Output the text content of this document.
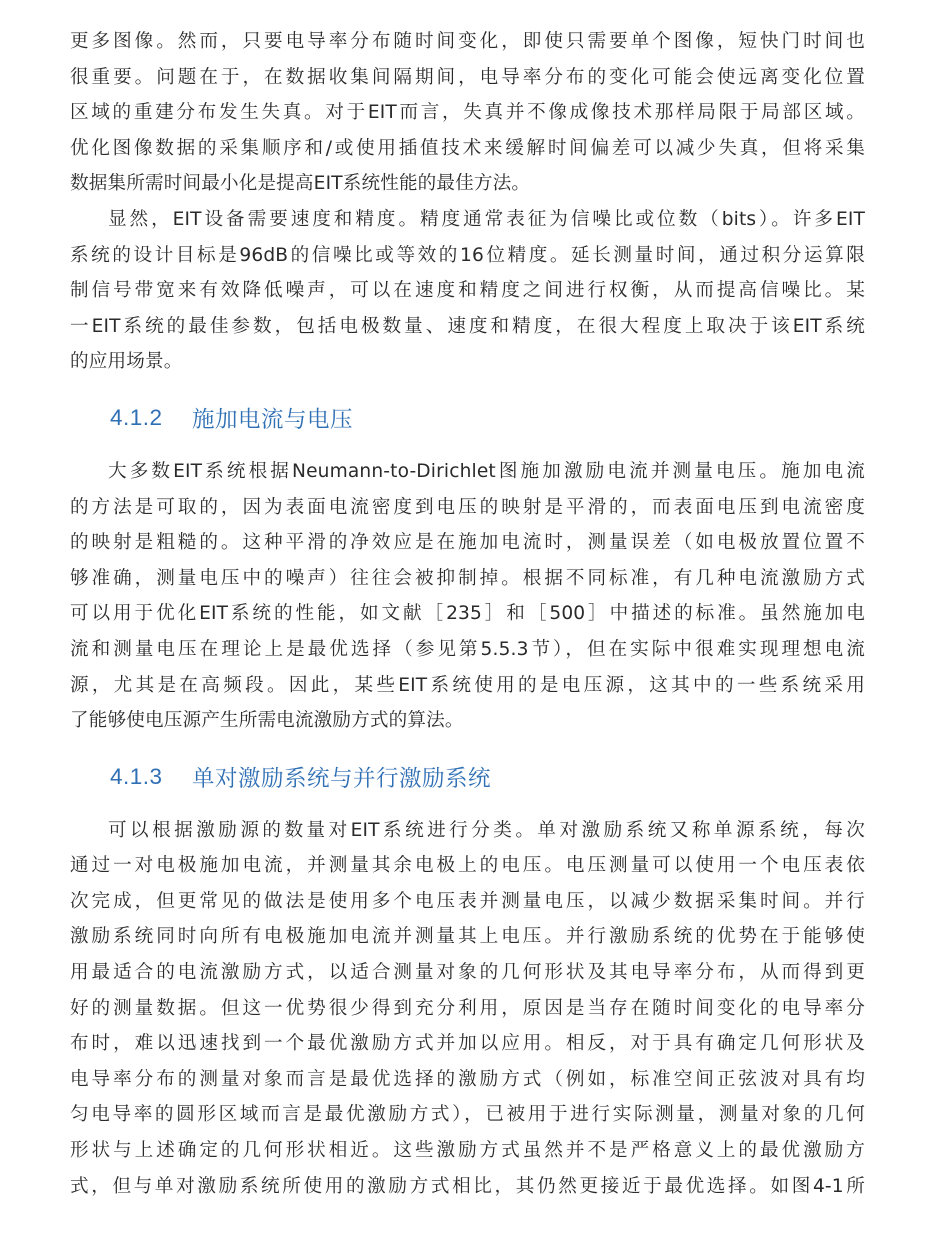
更多图像。然而，只要电导率分布随时间变化，即使只需要单个图像，短快门时间也
很重要。问题在于，在数据收集间隔期间，电导率分布的变化可能会使远离变化位置
区域的重建分布发生失真。对于EIT而言，失真并不像成像技术那样局限于局部区域。
优化图像数据的采集顺序和/或使用插值技术来缓解时间偏差可以减少失真，但将采集
数据集所需时间最小化是提高EIT系统性能的最佳方法。

显然，EIT设备需要速度和精度。精度通常表征为信噪比或位数（bits）。许多EIT
系统的设计目标是96dB的信噪比或等效的16位精度。延长测量时间，通过积分运算限
制信号带宽来有效降低噪声，可以在速度和精度之间进行权衡，从而提高信噪比。某
一EIT系统的最佳参数，包括电极数量、速度和精度，在很大程度上取决于该EIT系统
的应用场景。

4.1.2	施加电流与电压

大多数EIT系统根据Neumann-to-Dirichlet图施加激励电流并测量电压。施加电流
的方法是可取的，因为表面电流密度到电压的映射是平滑的，而表面电压到电流密度
的映射是粗糙的。这种平滑的净效应是在施加电流时，测量误差（如电极放置位置不
够准确，测量电压中的噪声）往往会被抑制掉。根据不同标准，有几种电流激励方式
可以用于优化EIT系统的性能，如文献［235］和［500］中描述的标准。虽然施加电
流和测量电压在理论上是最优选择（参见第5.5.3节），但在实际中很难实现理想电流
源，尤其是在高频段。因此，某些EIT系统使用的是电压源，这其中的一些系统采用
了能够使电压源产生所需电流激励方式的算法。

4.1.3	单对激励系统与并行激励系统

可以根据激励源的数量对EIT系统进行分类。单对激励系统又称单源系统，每次
通过一对电极施加电流，并测量其余电极上的电压。电压测量可以使用一个电压表依
次完成，但更常见的做法是使用多个电压表并测量电压，以减少数据采集时间。并行
激励系统同时向所有电极施加电流并测量其上电压。并行激励系统的优势在于能够使
用最适合的电流激励方式，以适合测量对象的几何形状及其电导率分布，从而得到更
好的测量数据。但这一优势很少得到充分利用，原因是当存在随时间变化的电导率分
布时，难以迅速找到一个最优激励方式并加以应用。相反，对于具有确定几何形状及
电导率分布的测量对象而言是最优选择的激励方式（例如，标准空间正弦波对具有均
匀电导率的圆形区域而言是最优激励方式），已被用于进行实际测量，测量对象的几何
形状与上述确定的几何形状相近。这些激励方式虽然并不是严格意义上的最优激励方
式，但与单对激励系统所使用的激励方式相比，其仍然更接近于最优选择。如图4-1所
